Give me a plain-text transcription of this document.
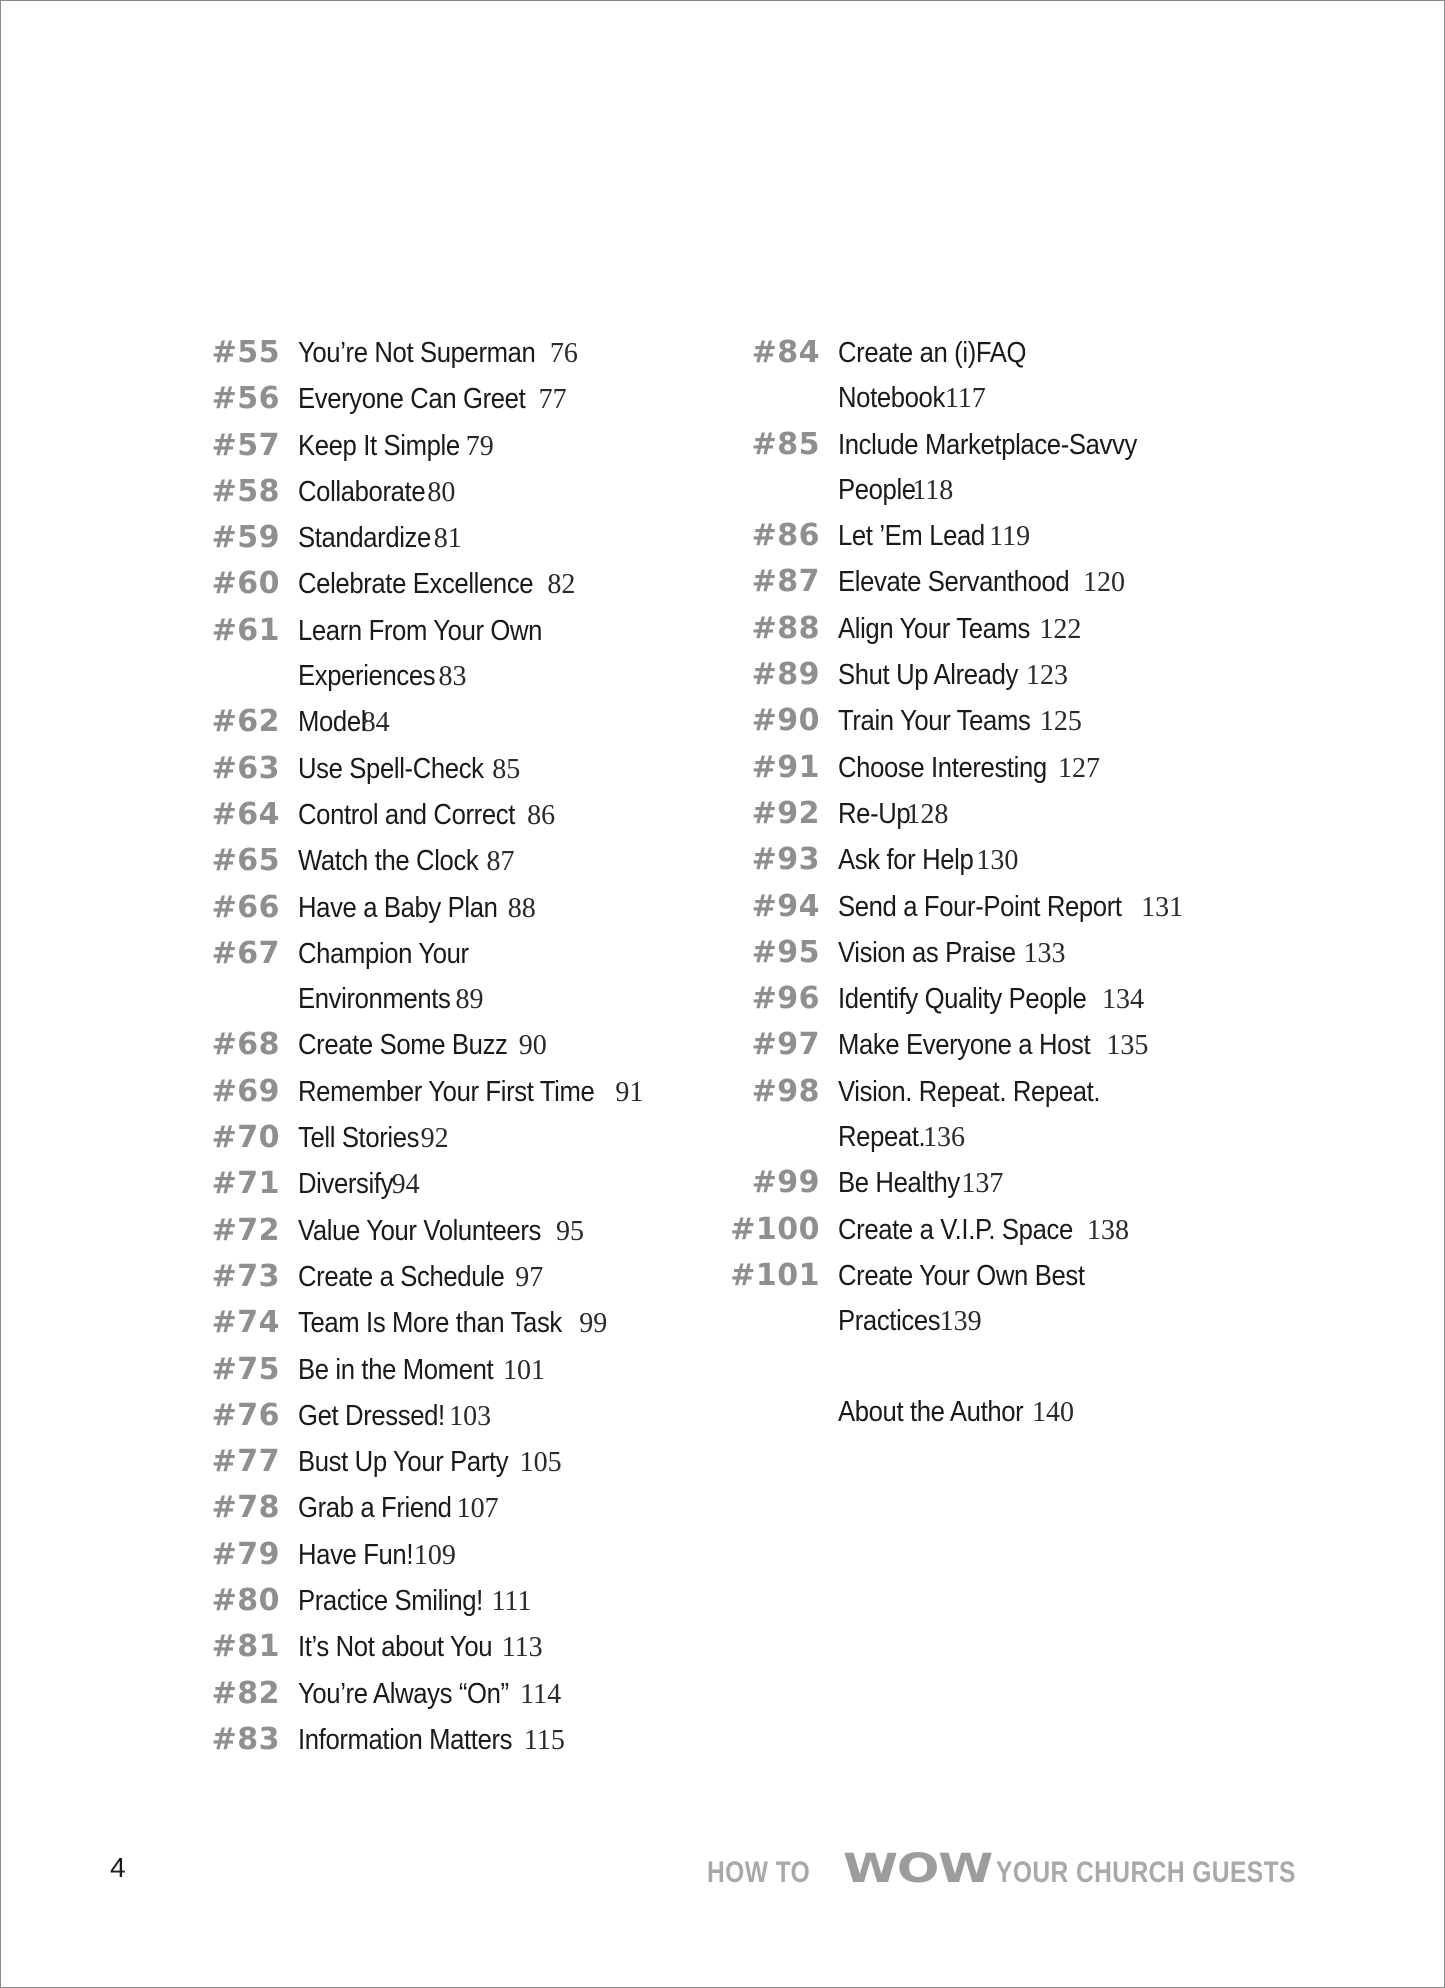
#55 You’re Not Superman 76
#56 Everyone Can Greet 77
#57 Keep It Simple 79
#58 Collaborate80
#59 Standardize81
#60 Celebrate Excellence 82
#61 Learn From Your Own
Experiences 83
#62 Model84
#63 Use Spell-Check 85
#64 Control and Correct 86
#65 Watch the Clock 87
#66 Have a Baby Plan 88
#67 Champion Your
Environments 89
#68 Create Some Buzz 90
#69 Remember Your First Time 91
#70 Tell Stories92
#71 Diversify94
#72 Value Your Volunteers 95
#73 Create a Schedule 97
#74 Team Is More than Task 99
#75 Be in the Moment 101
#76 Get Dressed! 103
#77 Bust Up Your Party 105
#78 Grab a Friend 107
#79 Have Fun!109
#80 Practice Smiling! 111
#81 It’s Not about You 113
#82 You’re Always “On” 114
#83 Information Matters 115
#84 Create an (i)FAQ
Notebook117
#85 Include Marketplace-Savvy
People118
#86 Let ’Em Lead 119
#87 Elevate Servanthood 120
#88 Align Your Teams 122
#89 Shut Up Already 123
#90 Train Your Teams 125
#91 Choose Interesting 127
#92 Re-Up128
#93 Ask for Help 130
#94 Send a Four-Point Report 131
#95 Vision as Praise 133
#96 Identify Quality People 134
#97 Make Everyone a Host 135
#98 Vision. Repeat. Repeat.
Repeat.136
#99 Be Healthy137
#100 Create a V.I.P. Space 138
#101 Create Your Own Best
Practices139
About the Author 140
4	HOW TO WOW YOUR CHURCH GUESTS
